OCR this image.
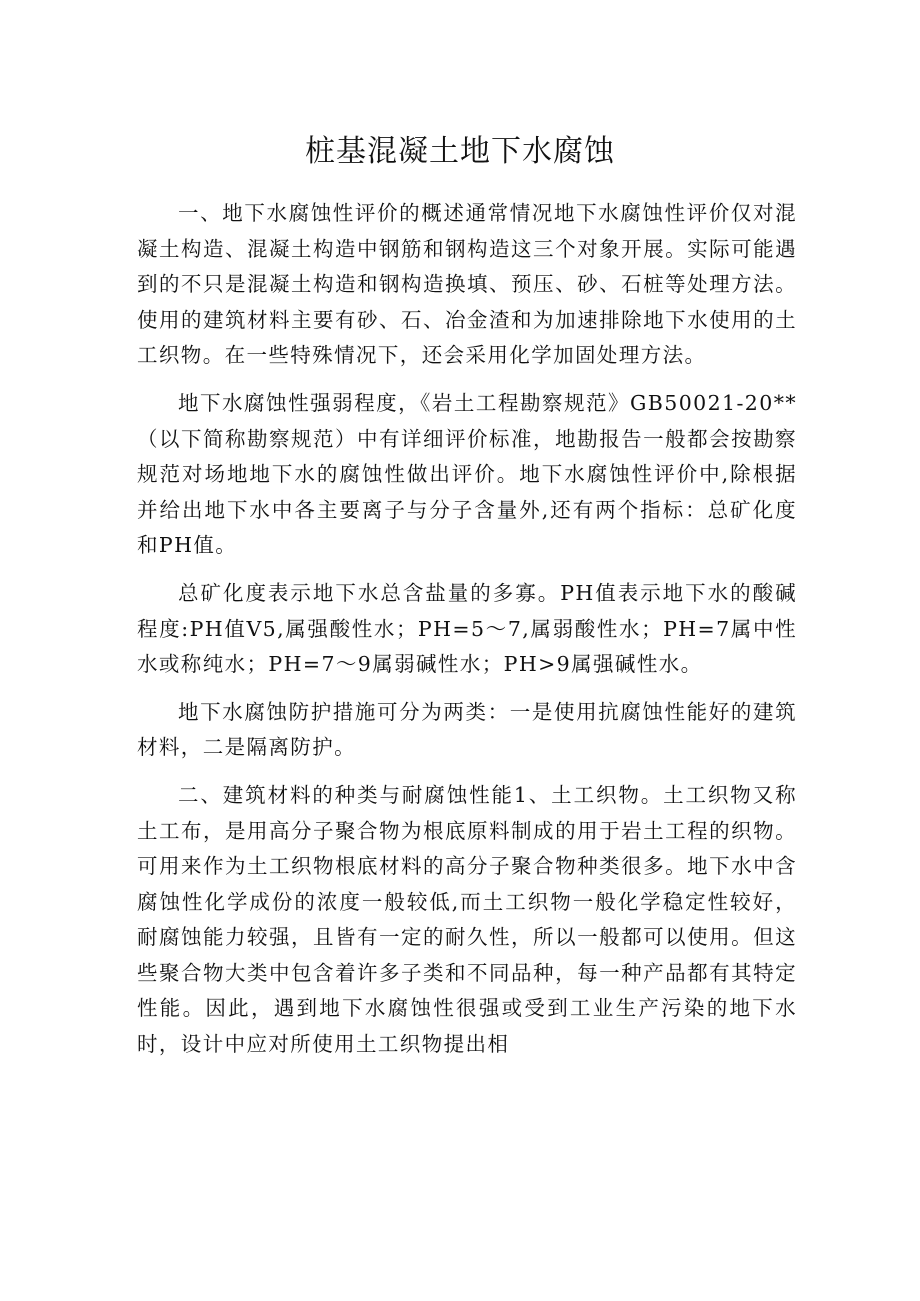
桩基混凝土地下水腐蚀

一、地下水腐蚀性评价的概述通常情况地下水腐蚀性评价仅对混凝土构造、混凝土构造中钢筋和钢构造这三个对象开展。实际可能遇到的不只是混凝土构造和钢构造换填、预压、砂、石桩等处理方法。使用的建筑材料主要有砂、石、冶金渣和为加速排除地下水使用的土工织物。在一些特殊情况下，还会采用化学加固处理方法。

地下水腐蚀性强弱程度，《岩土工程勘察规范》GB50021-20**（以下简称勘察规范）中有详细评价标准，地勘报告一般都会按勘察规范对场地地下水的腐蚀性做出评价。地下水腐蚀性评价中,除根据并给出地下水中各主要离子与分子含量外,还有两个指标：总矿化度和PH值。

总矿化度表示地下水总含盐量的多寡。PH值表示地下水的酸碱程度:PH值V5,属强酸性水；PH=5～7,属弱酸性水；PH=7属中性水或称纯水；PH=7～9属弱碱性水；PH>9属强碱性水。

地下水腐蚀防护措施可分为两类：一是使用抗腐蚀性能好的建筑材料，二是隔离防护。

二、建筑材料的种类与耐腐蚀性能1、土工织物。土工织物又称土工布，是用高分子聚合物为根底原料制成的用于岩土工程的织物。可用来作为土工织物根底材料的高分子聚合物种类很多。地下水中含腐蚀性化学成份的浓度一般较低,而土工织物一般化学稳定性较好，耐腐蚀能力较强，且皆有一定的耐久性，所以一般都可以使用。但这些聚合物大类中包含着许多子类和不同品种，每一种产品都有其特定性能。因此，遇到地下水腐蚀性很强或受到工业生产污染的地下水时，设计中应对所使用土工织物提出相
